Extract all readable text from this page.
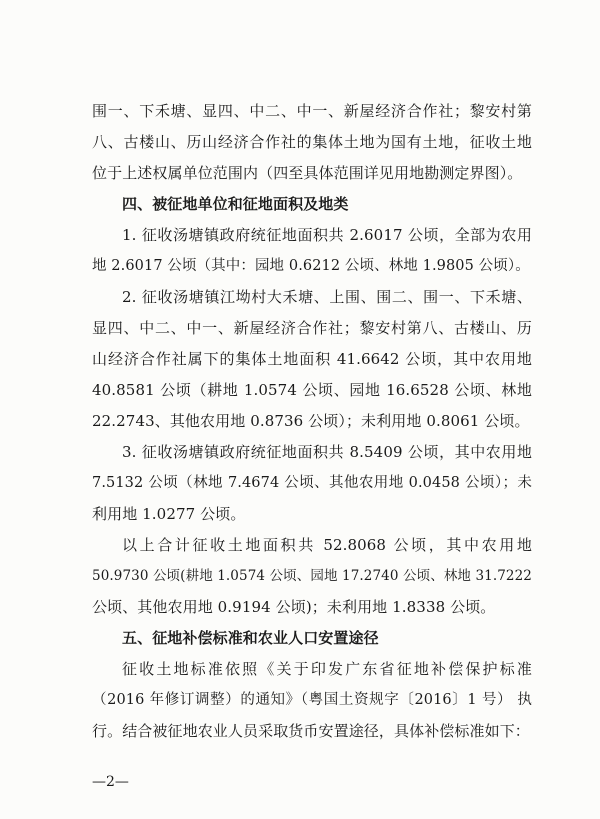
围一、下禾塘、显四、中二、中一、新屋经济合作社；黎安村第
八、古楼山、历山经济合作社的集体土地为国有土地，征收土地
位于上述权属单位范围内（四至具体范围详见用地勘测定界图）。
四、被征地单位和征地面积及地类
1. 征收汤塘镇政府统征地面积共 2.6017 公顷，全部为农用
地 2.6017 公顷（其中：园地 0.6212 公顷、林地 1.9805 公顷）。
2. 征收汤塘镇江坳村大禾塘、上围、围二、围一、下禾塘、
显四、中二、中一、新屋经济合作社；黎安村第八、古楼山、历
山经济合作社属下的集体土地面积 41.6642 公顷，其中农用地
40.8581 公顷（耕地 1.0574 公顷、园地 16.6528 公顷、林地
22.2743、其他农用地 0.8736 公顷）；未利用地 0.8061 公顷。
3. 征收汤塘镇政府统征地面积共 8.5409 公顷，其中农用地
7.5132 公顷（林地 7.4674 公顷、其他农用地 0.0458 公顷）；未
利用地 1.0277 公顷。
以上合计征收土地面积共 52.8068 公顷，其中农用地
50.9730 公顷(耕地 1.0574 公顷、园地 17.2740 公顷、林地 31.7222
公顷、其他农用地 0.9194 公顷)；未利用地 1.8338 公顷。
五、征地补偿标准和农业人口安置途径
征收土地标准依照《关于印发广东省征地补偿保护标准
（2016 年修订调整）的通知》（粤国土资规字〔2016〕1 号） 执
行。结合被征地农业人员采取货币安置途径，具体补偿标准如下：
—2—
